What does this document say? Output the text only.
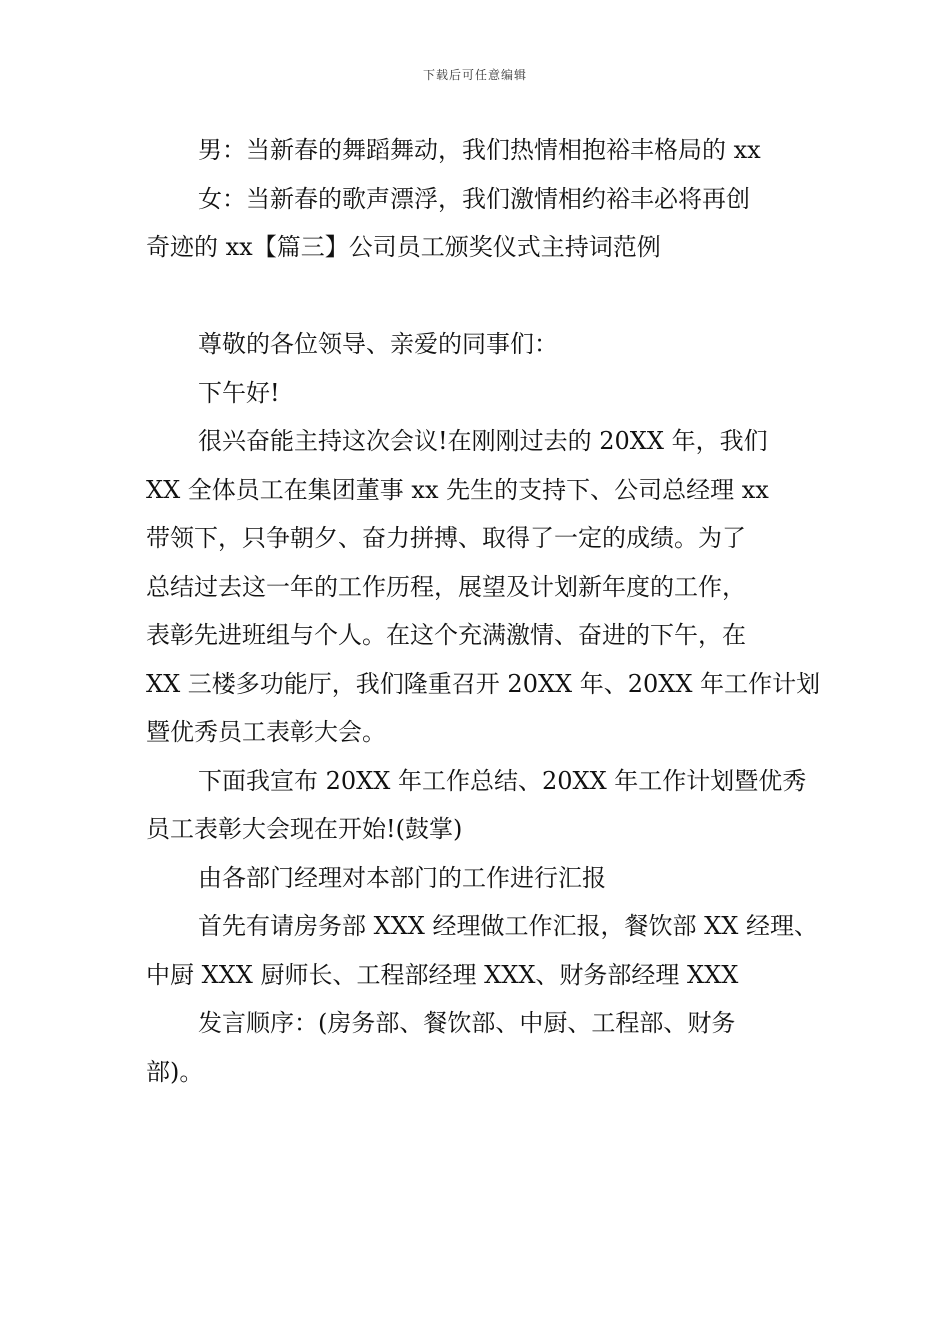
下载后可任意编辑

男：当新春的舞蹈舞动，我们热情相抱裕丰格局的 xx

女：当新春的歌声漂浮，我们激情相约裕丰必将再创

奇迹的 xx【篇三】公司员工颁奖仪式主持词范例

尊敬的各位领导、亲爱的同事们：

下午好!

很兴奋能主持这次会议!在刚刚过去的 20XX 年，我们

XX 全体员工在集团董事 xx 先生的支持下、公司总经理 xx

带领下，只争朝夕、奋力拼搏、取得了一定的成绩。为了

总结过去这一年的工作历程，展望及计划新年度的工作，

表彰先进班组与个人。在这个充满激情、奋进的下午，在

XX 三楼多功能厅，我们隆重召开 20XX 年、20XX 年工作计划

暨优秀员工表彰大会。

下面我宣布 20XX 年工作总结、20XX 年工作计划暨优秀

员工表彰大会现在开始!(鼓掌)

由各部门经理对本部门的工作进行汇报

首先有请房务部 XXX 经理做工作汇报，餐饮部 XX 经理、

中厨 XXX 厨师长、工程部经理 XXX、财务部经理 XXX

发言顺序：(房务部、餐饮部、中厨、工程部、财务

部)。
